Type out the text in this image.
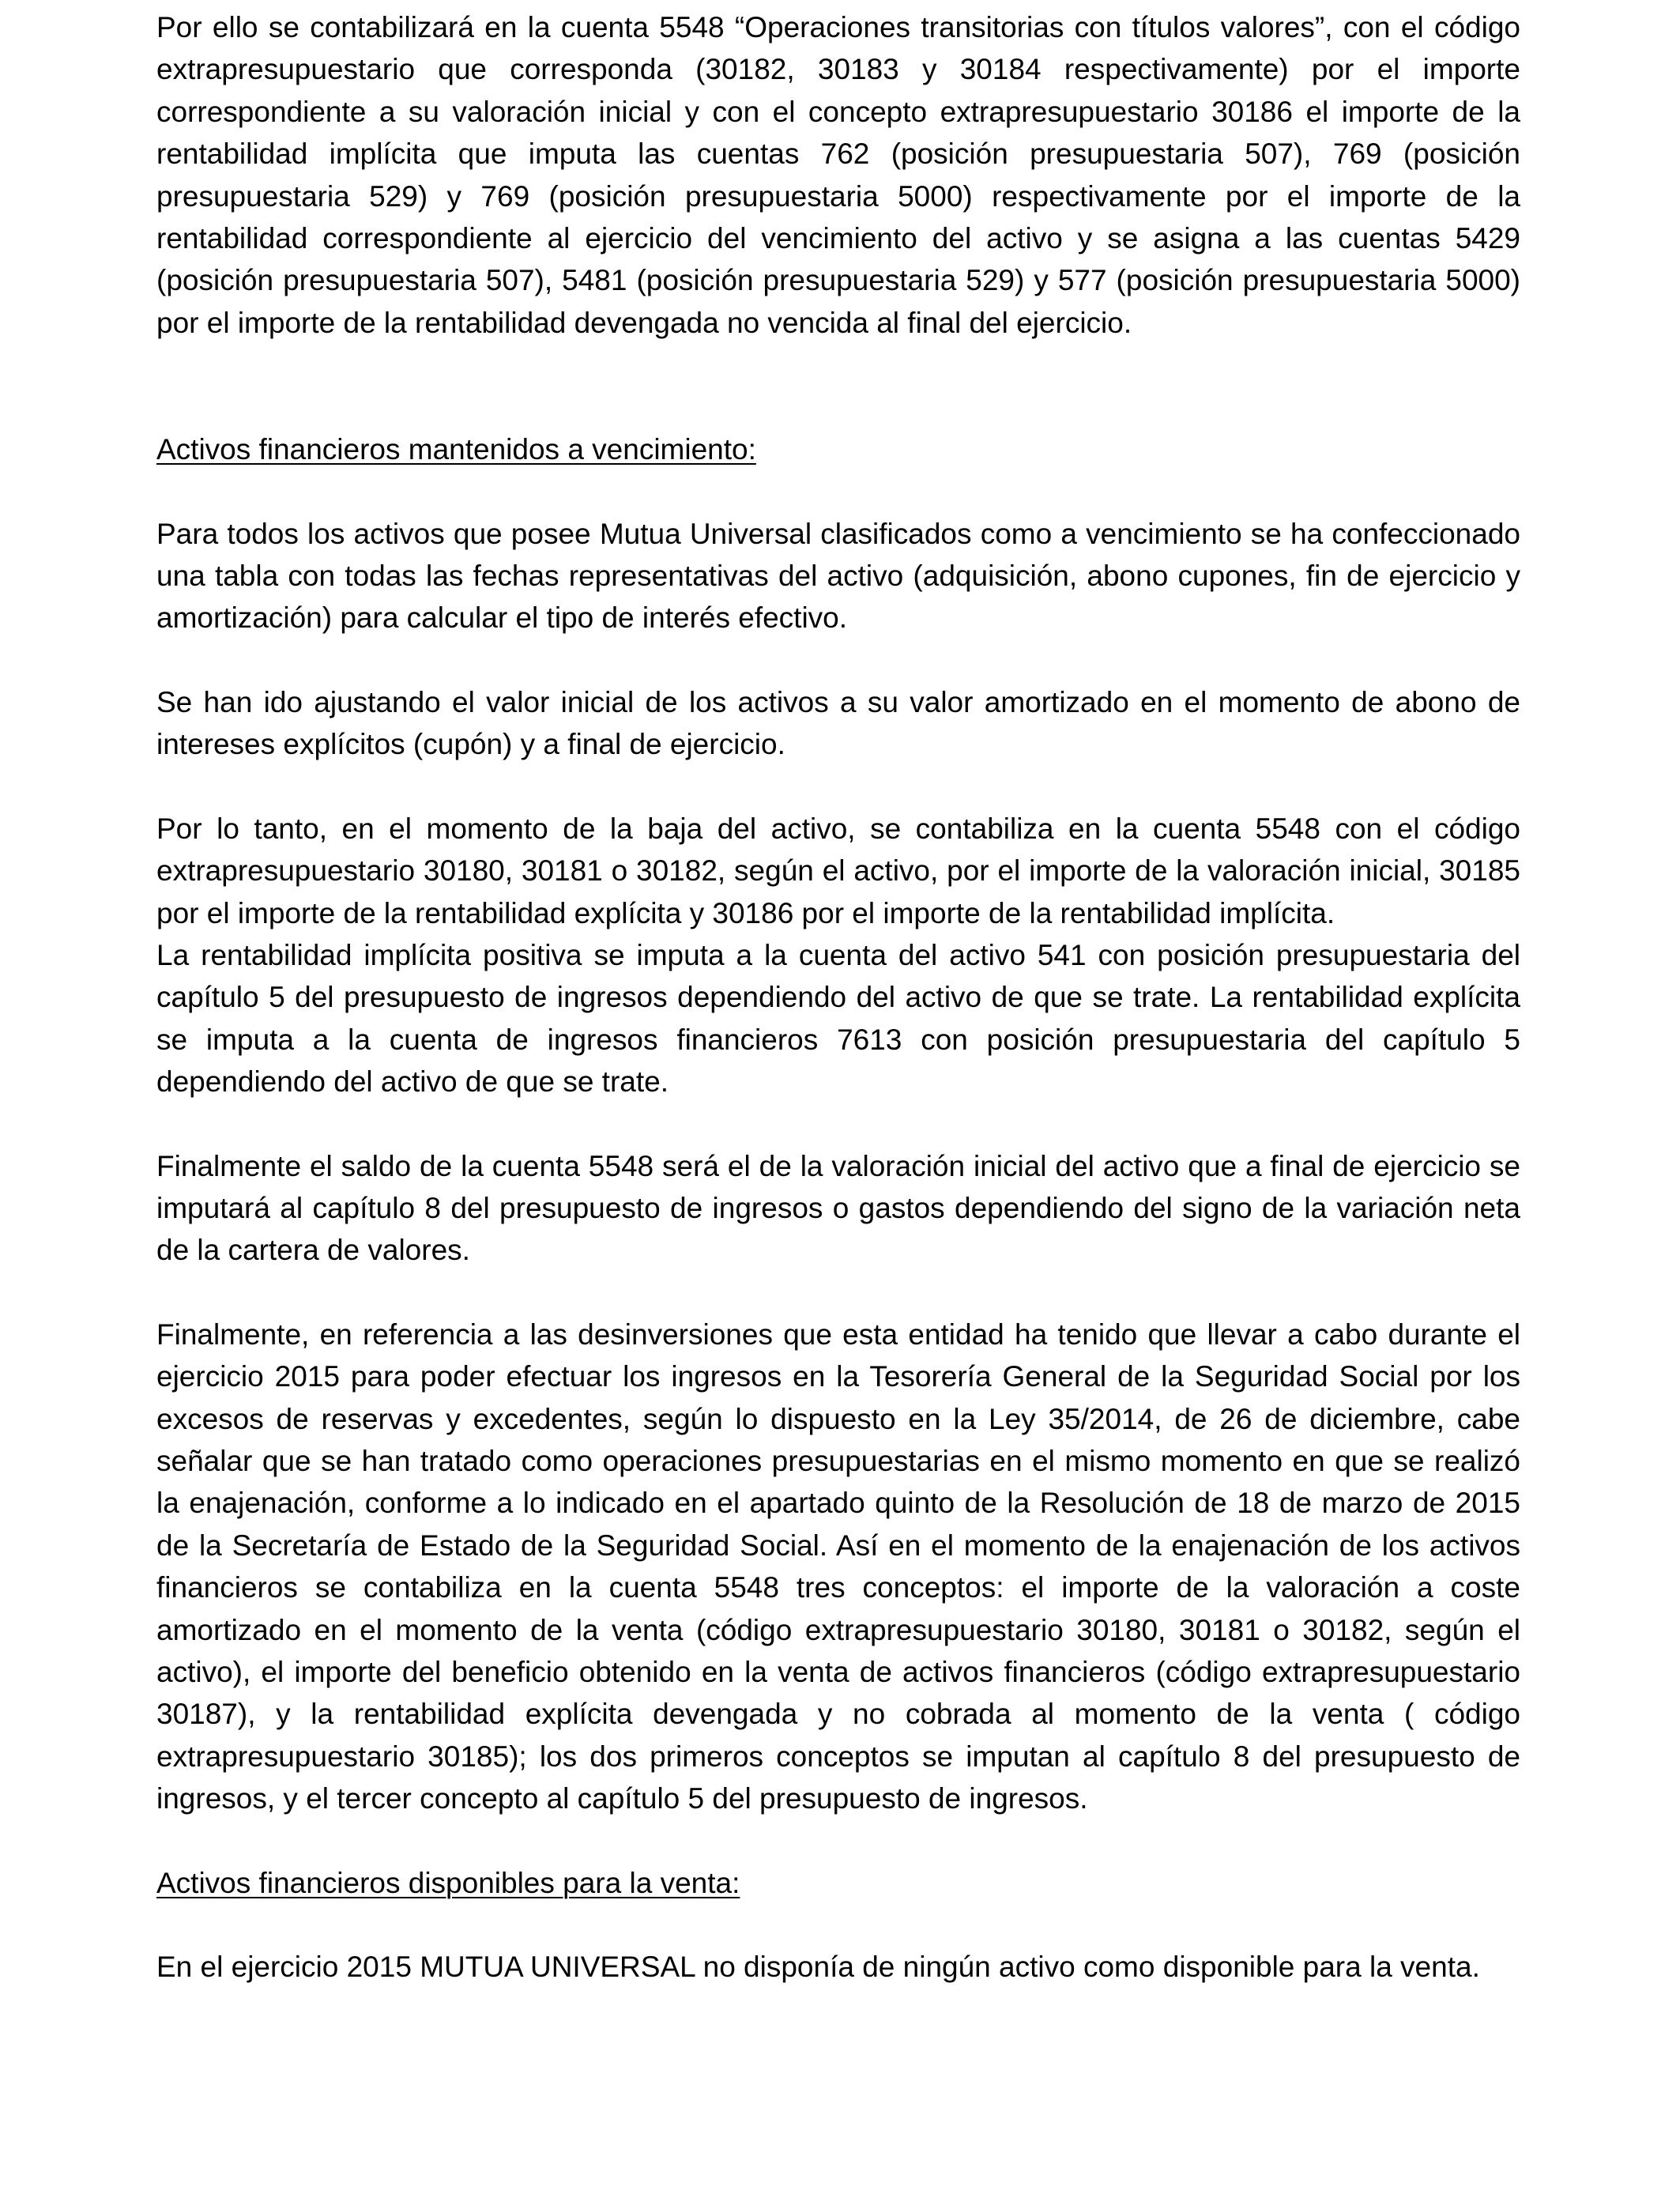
Por ello se contabilizará en la cuenta 5548 “Operaciones transitorias con títulos valores”, con el código extrapresupuestario que corresponda (30182, 30183 y 30184 respectivamente) por el importe correspondiente a su valoración inicial y con el concepto extrapresupuestario 30186 el importe de la rentabilidad implícita que imputa las cuentas 762 (posición presupuestaria 507), 769 (posición presupuestaria 529) y 769 (posición presupuestaria 5000) respectivamente por el importe de la rentabilidad correspondiente al ejercicio del vencimiento del activo y se asigna a las cuentas 5429 (posición presupuestaria 507), 5481 (posición presupuestaria 529) y 577 (posición presupuestaria 5000) por el importe de la rentabilidad devengada no vencida al final del ejercicio.

Activos financieros mantenidos a vencimiento:

Para todos los activos que posee Mutua Universal clasificados como a vencimiento se ha confeccionado una tabla con todas las fechas representativas del activo (adquisición, abono cupones, fin de ejercicio y amortización) para calcular el tipo de interés efectivo.

Se han ido ajustando el valor inicial de los activos a su valor amortizado en el momento de abono de intereses explícitos (cupón) y a final de ejercicio.

Por lo tanto, en el momento de la baja del activo, se contabiliza en la cuenta 5548 con el código extrapresupuestario 30180, 30181 o 30182, según el activo, por el importe de la valoración inicial, 30185 por el importe de la rentabilidad explícita y 30186 por el importe de la rentabilidad implícita.

La rentabilidad implícita positiva se imputa a la cuenta del activo 541 con posición presupuestaria del capítulo 5 del presupuesto de ingresos dependiendo del activo de que se trate. La rentabilidad explícita se imputa a la cuenta de ingresos financieros 7613 con posición presupuestaria del capítulo 5 dependiendo del activo de que se trate.

Finalmente el saldo de la cuenta 5548 será el de la valoración inicial del activo que a final de ejercicio se imputará al capítulo 8 del presupuesto de ingresos o gastos dependiendo del signo de la variación neta de la cartera de valores.

Finalmente, en referencia a las desinversiones que esta entidad ha tenido que llevar a cabo durante el ejercicio 2015 para poder efectuar los ingresos en la Tesorería General de la Seguridad Social por los excesos de reservas y excedentes, según lo dispuesto en la Ley 35/2014, de 26 de diciembre, cabe señalar que se han tratado como operaciones presupuestarias en el mismo momento en que se realizó la enajenación, conforme a lo indicado en el apartado quinto de la Resolución de 18 de marzo de 2015 de la Secretaría de Estado de la Seguridad Social. Así en el momento de la enajenación de los activos financieros se contabiliza en la cuenta 5548 tres conceptos: el importe de la valoración a coste amortizado en el momento de la venta (código extrapresupuestario 30180, 30181 o 30182, según el activo), el importe del beneficio obtenido en la venta de activos financieros (código extrapresupuestario 30187), y la rentabilidad explícita devengada y no cobrada al momento de la venta ( código extrapresupuestario 30185); los dos primeros conceptos se imputan al capítulo 8 del presupuesto de ingresos, y el tercer concepto al capítulo 5 del presupuesto de ingresos.

Activos financieros disponibles para la venta:

En el ejercicio 2015 MUTUA UNIVERSAL no disponía de ningún activo como disponible para la venta.
